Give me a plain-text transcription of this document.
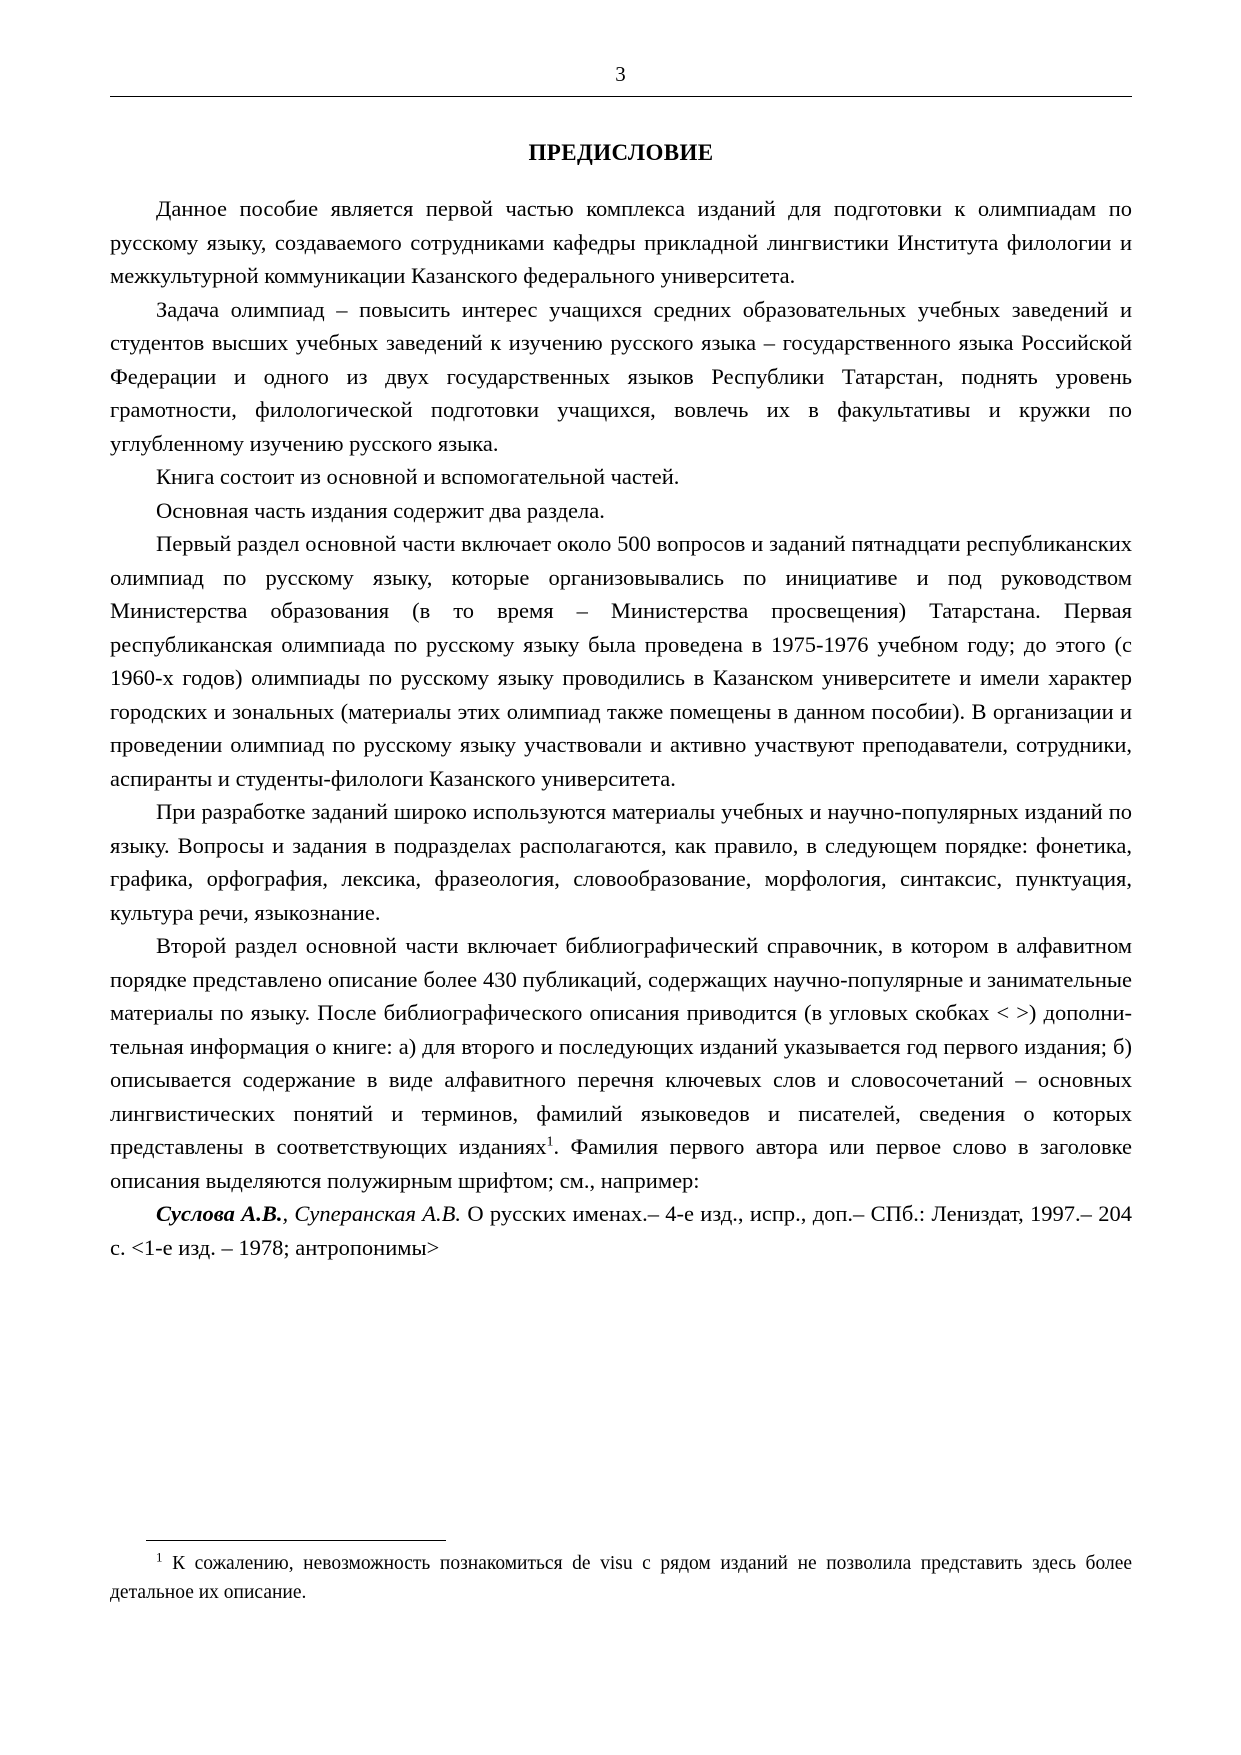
3
ПРЕДИСЛОВИЕ

Данное пособие является первой частью комплекса изданий для подготовки к олимпиадам по русскому языку, создаваемого сотрудниками кафедры прикладной лингвистики Института филологии и межкультурной коммуникации Казанского федерального университета.

Задача олимпиад – повысить интерес учащихся средних образовательных учебных заведений и студентов высших учебных заведений к изучению русского языка – государственного языка Российской Федерации и одного из двух государственных языков Республики Татарстан, поднять уровень грамотности, филологической подготовки учащихся, вовлечь их в факультативы и кружки по углубленному изучению русского языка.

Книга состоит из основной и вспомогательной частей.

Основная часть издания содержит два раздела.

Первый раздел основной части включает около 500 вопросов и заданий пятнадцати республиканских олимпиад по русскому языку, которые организовывались по инициативе и под руководством Министерства образования (в то время – Министерства просвещения) Татарстана. Первая республиканская олимпиада по русскому языку была проведена в 1975-1976 учебном году; до этого (с 1960-х годов) олимпиады по русскому языку проводились в Казанском университете и имели характер городских и зональных (материалы этих олимпиад также помещены в данном пособии). В организации и проведении олимпиад по русскому языку участвовали и активно участвуют преподаватели, сотрудники, аспиранты и студенты-филологи Казанского университета.

При разработке заданий широко используются материалы учебных и научно-популярных изданий по языку. Вопросы и задания в подразделах располагаются, как правило, в следующем порядке: фонетика, графика, орфография, лексика, фразеология, словообразование, морфология, синтаксис, пунктуация, культура речи, языкознание.

Второй раздел основной части включает библиографический справочник, в котором в алфавитном порядке представлено описание более 430 публикаций, содержащих научно-популярные и занимательные материалы по языку. После библиографического описания приводится (в угловых скобках < >) дополнительная информация о книге: а) для второго и последующих изданий указывается год первого издания; б) описывается содержание в виде алфавитного перечня ключевых слов и словосочетаний – основных лингвистических понятий и терминов, фамилий языковедов и писателей, сведения о которых представлены в соответствующих изданиях$^1$. Фамилия первого автора или первое слово в заголовке описания выделяются полужирным шрифтом; см., например:

Суслова А.В., Суперанская А.В. О русских именах.– 4-е изд., испр., доп.– СПб.: Лениздат, 1997.– 204 с. <1-е изд. – 1978; антропонимы>

$^1$ К сожалению, невозможность познакомиться de visu с рядом изданий не позволила представить здесь более детальное их описание.
